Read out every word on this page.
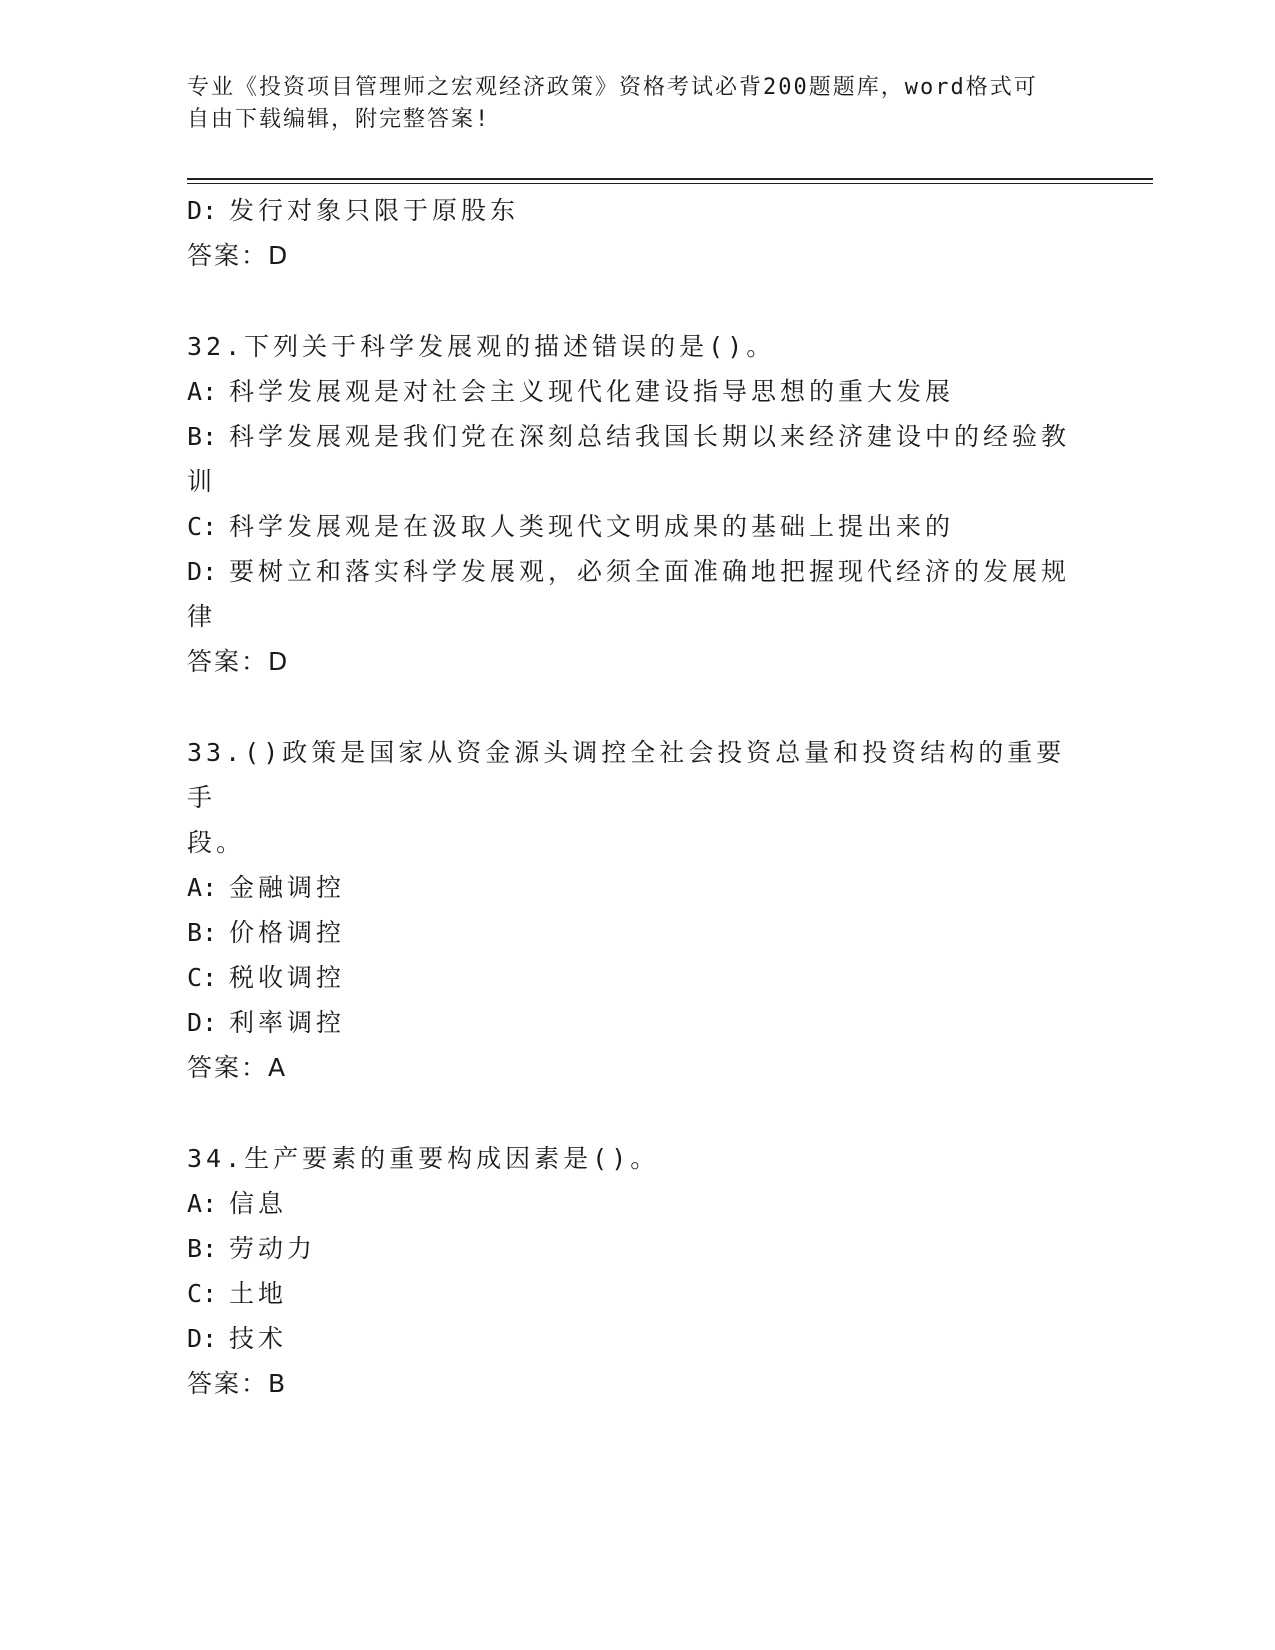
专业《投资项目管理师之宏观经济政策》资格考试必背200题题库，word格式可
自由下载编辑，附完整答案!
D: 发行对象只限于原股东
答案：D
32.下列关于科学发展观的描述错误的是()。
A: 科学发展观是对社会主义现代化建设指导思想的重大发展
B: 科学发展观是我们党在深刻总结我国长期以来经济建设中的经验教
训
C: 科学发展观是在汲取人类现代文明成果的基础上提出来的
D: 要树立和落实科学发展观，必须全面准确地把握现代经济的发展规
律
答案：D
33.()政策是国家从资金源头调控全社会投资总量和投资结构的重要手
段。
A: 金融调控
B: 价格调控
C: 税收调控
D: 利率调控
答案：A
34.生产要素的重要构成因素是()。
A: 信息
B: 劳动力
C: 土地
D: 技术
答案：B
